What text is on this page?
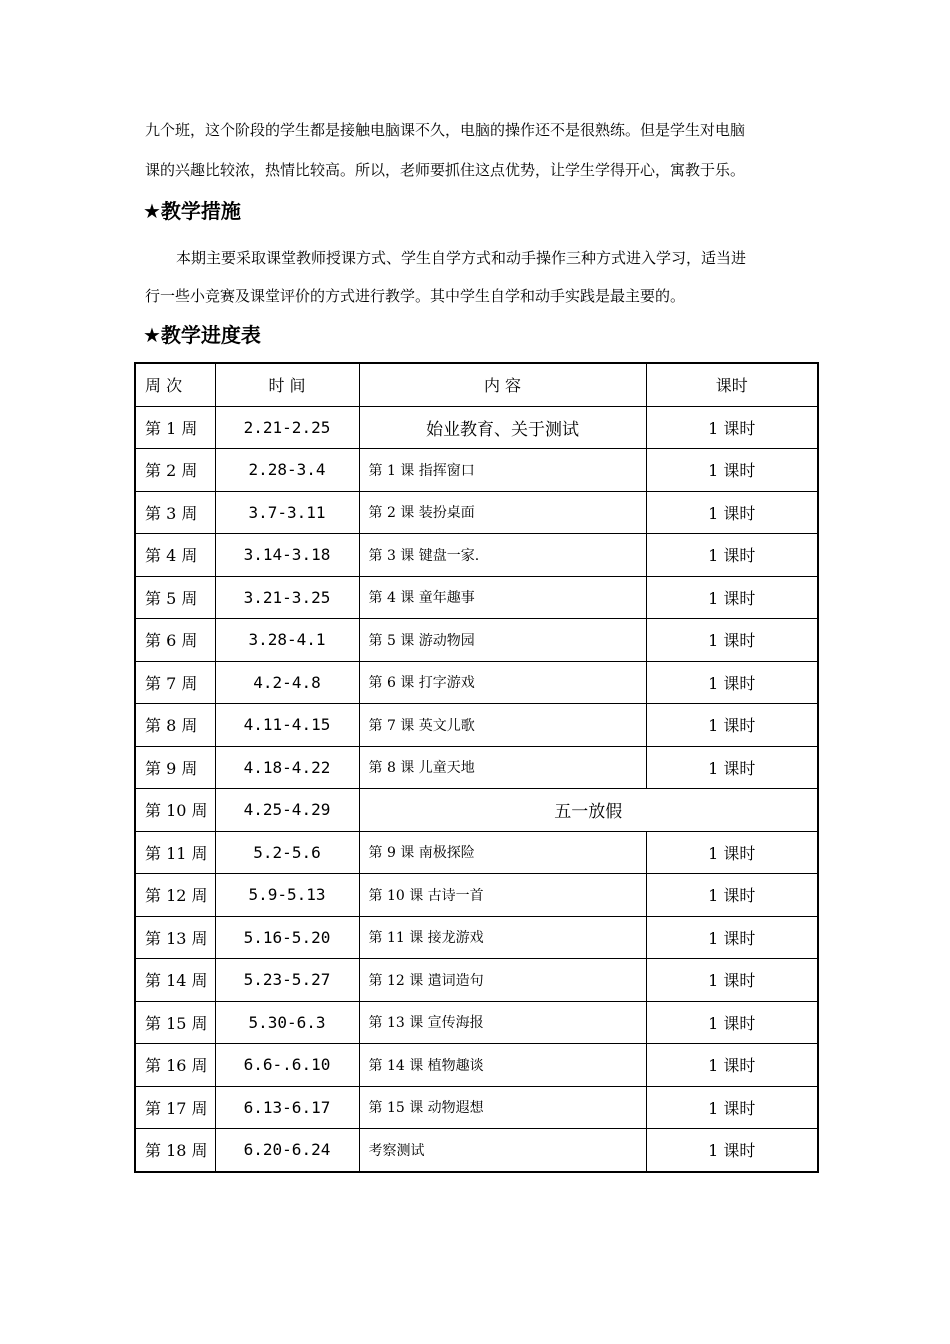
九个班，这个阶段的学生都是接触电脑课不久，电脑的操作还不是很熟练。但是学生对电脑
课的兴趣比较浓，热情比较高。所以，老师要抓住这点优势，让学生学得开心，寓教于乐。
★教学措施
本期主要采取课堂教师授课方式、学生自学方式和动手操作三种方式进入学习，适当进
行一些小竞赛及课堂评价的方式进行教学。其中学生自学和动手实践是最主要的。
★教学进度表
周 次	时 间	内 容	课时
第 1 周	2.21-2.25	始业教育、关于测试	1 课时
第 2 周	2.28-3.4	第 1 课 指挥窗口	1 课时
第 3 周	3.7-3.11	第 2 课 装扮桌面	1 课时
第 4 周	3.14-3.18	第 3 课 键盘一家.	1 课时
第 5 周	3.21-3.25	第 4 课 童年趣事	1 课时
第 6 周	3.28-4.1	第 5 课 游动物园	1 课时
第 7 周	4.2-4.8	第 6 课 打字游戏	1 课时
第 8 周	4.11-4.15	第 7 课 英文儿歌	1 课时
第 9 周	4.18-4.22	第 8 课 儿童天地	1 课时
第 10 周	4.25-4.29	五一放假	
第 11 周	5.2-5.6	第 9 课 南极探险	1 课时
第 12 周	5.9-5.13	第 10 课 古诗一首	1 课时
第 13 周	5.16-5.20	第 11 课 接龙游戏	1 课时
第 14 周	5.23-5.27	第 12 课 遣词造句	1 课时
第 15 周	5.30-6.3	第 13 课 宣传海报	1 课时
第 16 周	6.6-.6.10	第 14 课 植物趣谈	1 课时
第 17 周	6.13-6.17	第 15 课 动物遐想	1 课时
第 18 周	6.20-6.24	考察测试	1 课时
